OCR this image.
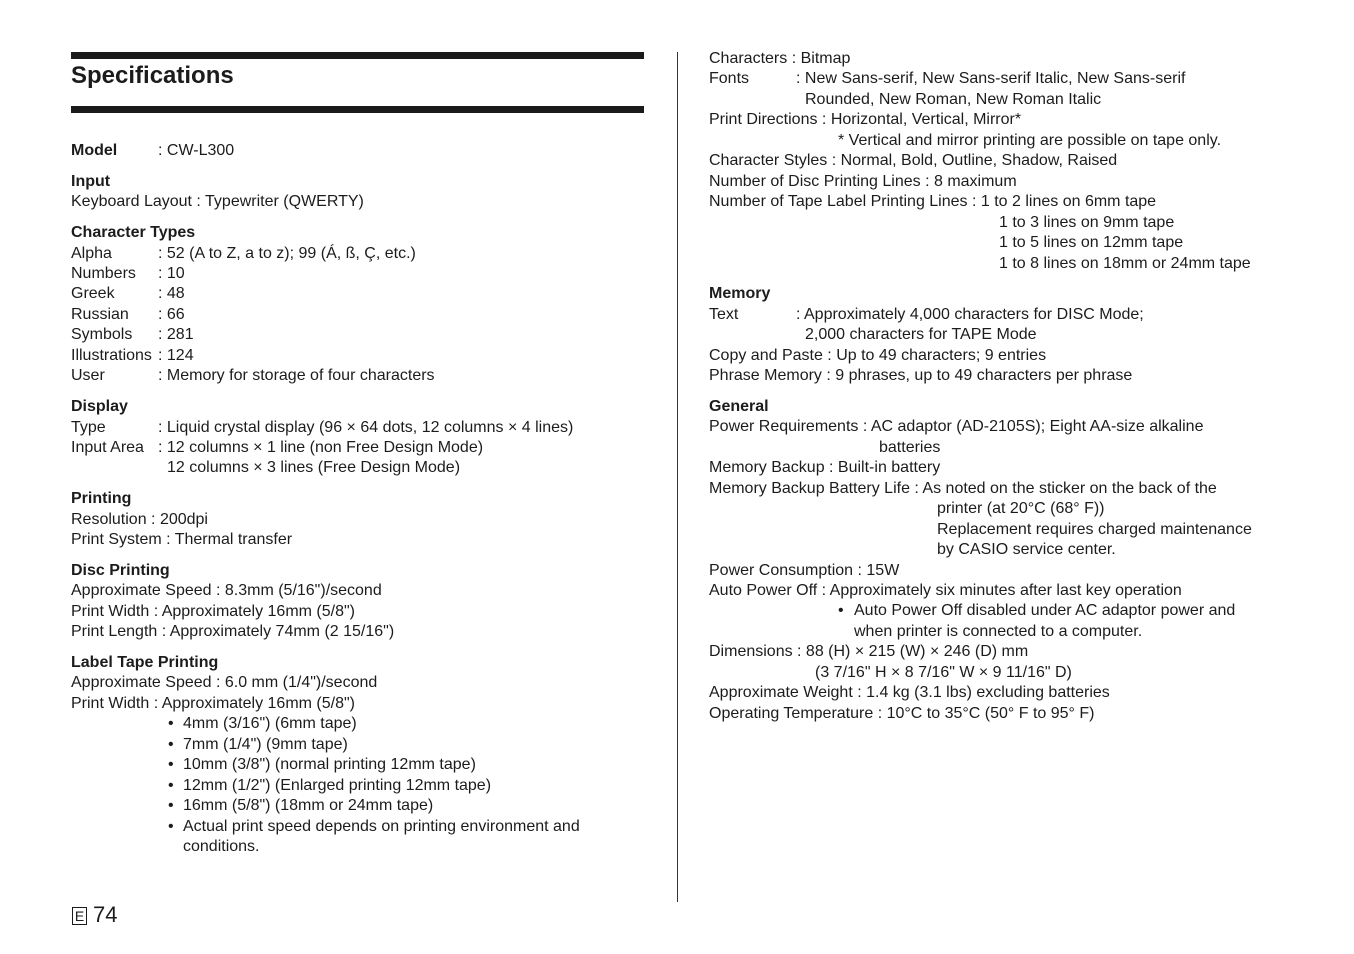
Specifications
Model	: CW-L300
Input
Keyboard Layout : Typewriter (QWERTY)
Character Types
Alpha	: 52 (A to Z, a to z); 99 (Á, ß, Ç, etc.)
Numbers : 10
Greek	: 48
Russian : 66
Symbols : 281
Illustrations : 124
User	: Memory for storage of four characters
Display
Type	: Liquid crystal display (96 × 64 dots, 12 columns × 4 lines)
Input Area : 12 columns × 1 line (non Free Design Mode)
12 columns × 3 lines (Free Design Mode)
Printing
Resolution : 200dpi
Print System : Thermal transfer
Disc Printing
Approximate Speed : 8.3mm (5/16")/second
Print Width : Approximately 16mm (5/8")
Print Length : Approximately 74mm (2 15/16")
Label Tape Printing
Approximate Speed : 6.0 mm (1/4")/second
Print Width : Approximately 16mm (5/8")
• 4mm (3/16") (6mm tape)
• 7mm (1/4") (9mm tape)
• 10mm (3/8") (normal printing 12mm tape)
• 12mm (1/2") (Enlarged printing 12mm tape)
• 16mm (5/8") (18mm or 24mm tape)
• Actual print speed depends on printing environment and
conditions.
Characters : Bitmap
Fonts	: New Sans-serif, New Sans-serif Italic, New Sans-serif
Rounded, New Roman, New Roman Italic
Print Directions : Horizontal, Vertical, Mirror*
* Vertical and mirror printing are possible on tape only.
Character Styles : Normal, Bold, Outline, Shadow, Raised
Number of Disc Printing Lines : 8 maximum
Number of Tape Label Printing Lines : 1 to 2 lines on 6mm tape
1 to 3 lines on 9mm tape
1 to 5 lines on 12mm tape
1 to 8 lines on 18mm or 24mm tape
Memory
Text	: Approximately 4,000 characters for DISC Mode;
2,000 characters for TAPE Mode
Copy and Paste : Up to 49 characters; 9 entries
Phrase Memory : 9 phrases, up to 49 characters per phrase
General
Power Requirements : AC adaptor (AD-2105S); Eight AA-size alkaline
batteries
Memory Backup : Built-in battery
Memory Backup Battery Life : As noted on the sticker on the back of the
printer (at 20°C (68° F))
Replacement requires charged maintenance
by CASIO service center.
Power Consumption : 15W
Auto Power Off : Approximately six minutes after last key operation
• Auto Power Off disabled under AC adaptor power and
when printer is connected to a computer.
Dimensions : 88 (H) × 215 (W) × 246 (D) mm
(3 7/16" H × 8 7/16" W × 9 11/16" D)
Approximate Weight : 1.4 kg (3.1 lbs) excluding batteries
Operating Temperature : 10°C to 35°C (50° F to 95° F)
E 74
